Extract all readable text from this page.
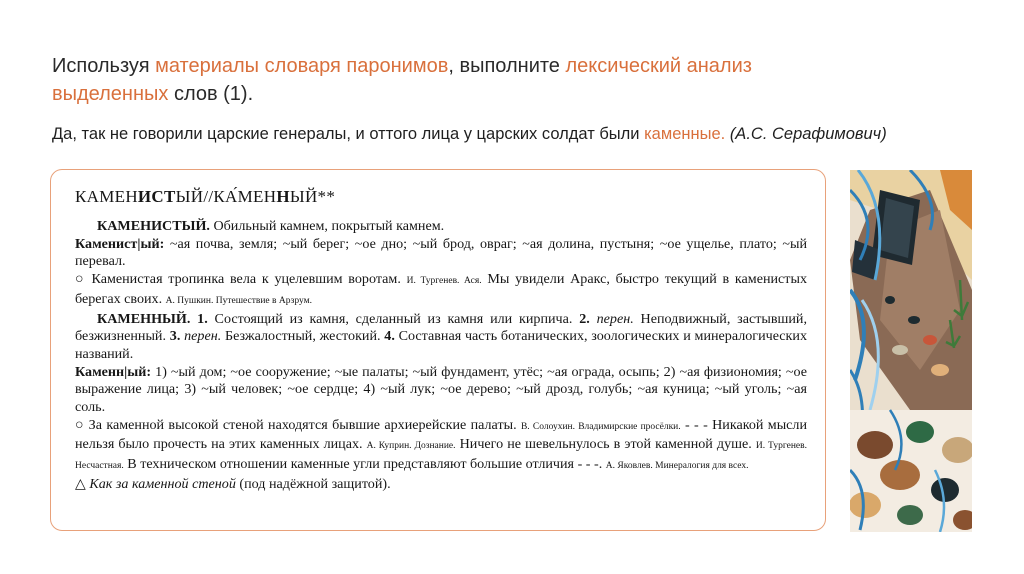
Используя материалы словаря паронимов, выполните лексический анализ выделенных слов (1).
Да, так не говорили царские генералы, и оттого лица у царских солдат были каменные. (А.С. Серафимович)

КАМЕНИСТЫЙ//КА́МЕННЫЙ**

КАМЕНИСТЫЙ. Обильный камнем, покрытый камнем.

Каменист|ый: ~ая почва, земля; ~ый берег; ~ое дно; ~ый брод, овраг; ~ая долина, пустыня; ~ое ущелье, плато; ~ый перевал.

○ Каменистая тропинка вела к уцелевшим воротам. И. Тургенев. Ася. Мы увидели Аракс, быстро текущий в каменистых берегах своих. А. Пушкин. Путешествие в Арзрум.

КАМЕННЫЙ. 1. Состоящий из камня, сделанный из камня или кирпича. 2. перен. Неподвижный, застывший, безжизненный. 3. перен. Безжалостный, жестокий. 4. Составная часть ботанических, зоологических и минералогических названий.

Каменн|ый: 1) ~ый дом; ~ое сооружение; ~ые палаты; ~ый фундамент, утёс; ~ая ограда, осыпь; 2) ~ая физиономия; ~ое выражение лица; 3) ~ый человек; ~ое сердце; 4) ~ый лук; ~ое дерево; ~ый дрозд, голубь; ~ая куница; ~ый уголь; ~ая соль.

○ За каменной высокой стеной находятся бывшие архиерейские палаты. В. Солоухин. Владимирские просёлки. - - - Никакой мысли нельзя было прочесть на этих каменных лицах. А. Куприн. Дознание. Ничего не шевельнулось в этой каменной душе. И. Тургенев. Несчастная. В техническом отношении каменные угли представляют большие отличия - - -. А. Яковлев. Минералогия для всех.

△ Как за каменной стеной (под надёжной защитой).
